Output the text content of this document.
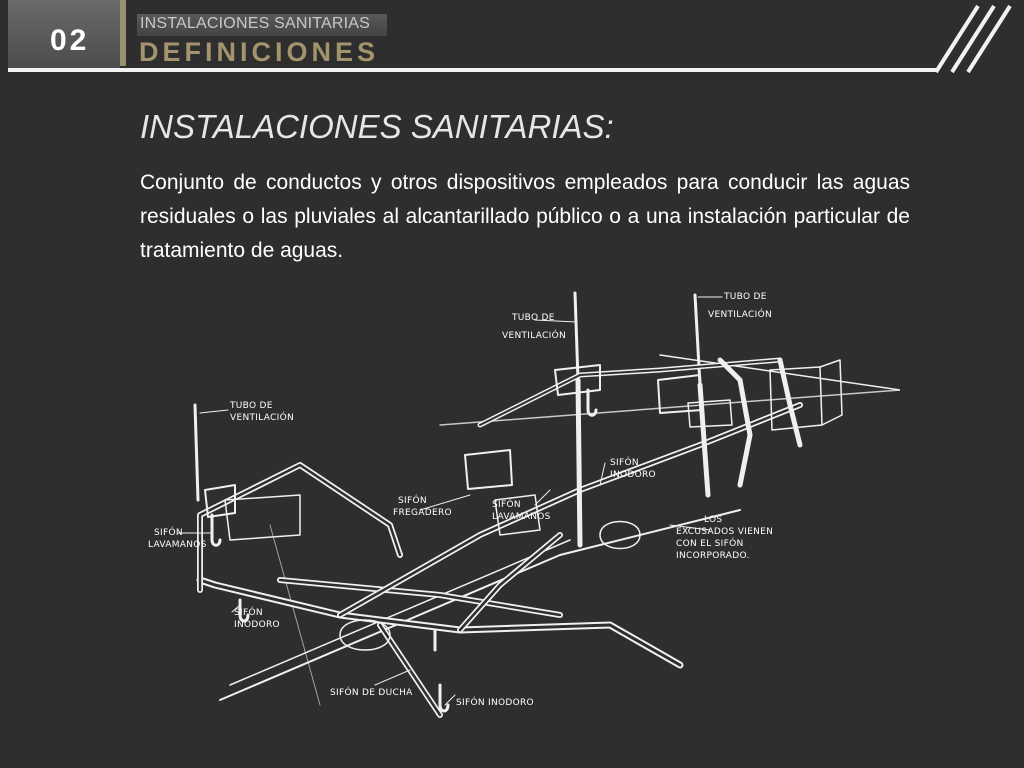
02
INSTALACIONES SANITARIAS
DEFINICIONES
INSTALACIONES SANITARIAS:
Conjunto de conductos y otros dispositivos empleados para conducir las aguas residuales o las pluviales al alcantarillado público o a una instalación particular de tratamiento de aguas.
TUBO DE
VENTILACIÓN
TUBO DE
VENTILACIÓN
TUBO DE
VENTILACIÓN
SIFÓN
LAVAMANOS
SIFÓN
FREGADERO
SIFÓN
LAVAMANOS
SIFÓN
INODORO
SIFÓN
INODORO
LOS
EXCUSADOS VIENEN
CON EL SIFÓN
INCORPORADO.
SIFÓN DE DUCHA
SIFÓN INODORO
